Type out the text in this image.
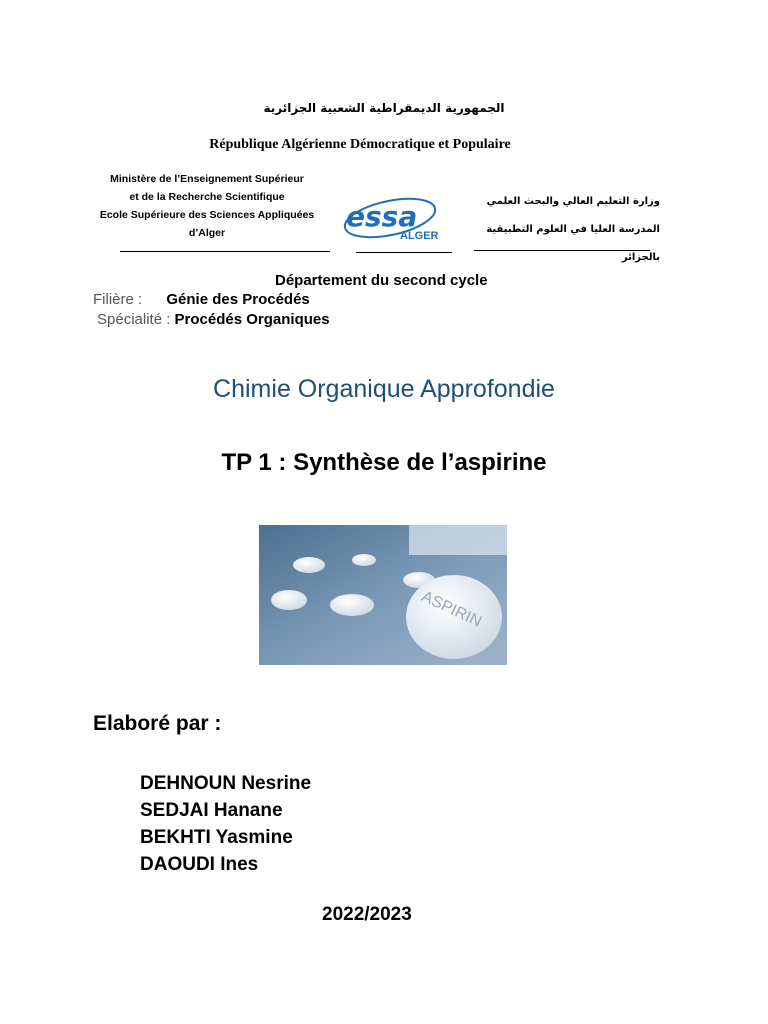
الجمهورية الديمقراطية الشعبية الجزائرية
République Algérienne Démocratique et Populaire
Ministère de l’Enseignement Supérieur
et de la Recherche Scientifique
Ecole Supérieure des Sciences Appliquées
d’Alger	essa
ALGER
وزارة التعليم العالي والبحث العلمي
المدرسة العليا في العلوم التطبيقية بالجزائر
Département du second cycle
Filière : Génie des Procédés
Spécialité : Procédés Organiques
Chimie Organique Approfondie
TP 1 : Synthèse de l’aspirine
ASPIRIN
Elaboré par :
DEHNOUN Nesrine
SEDJAI Hanane
BEKHTI Yasmine
DAOUDI Ines
2022/2023
